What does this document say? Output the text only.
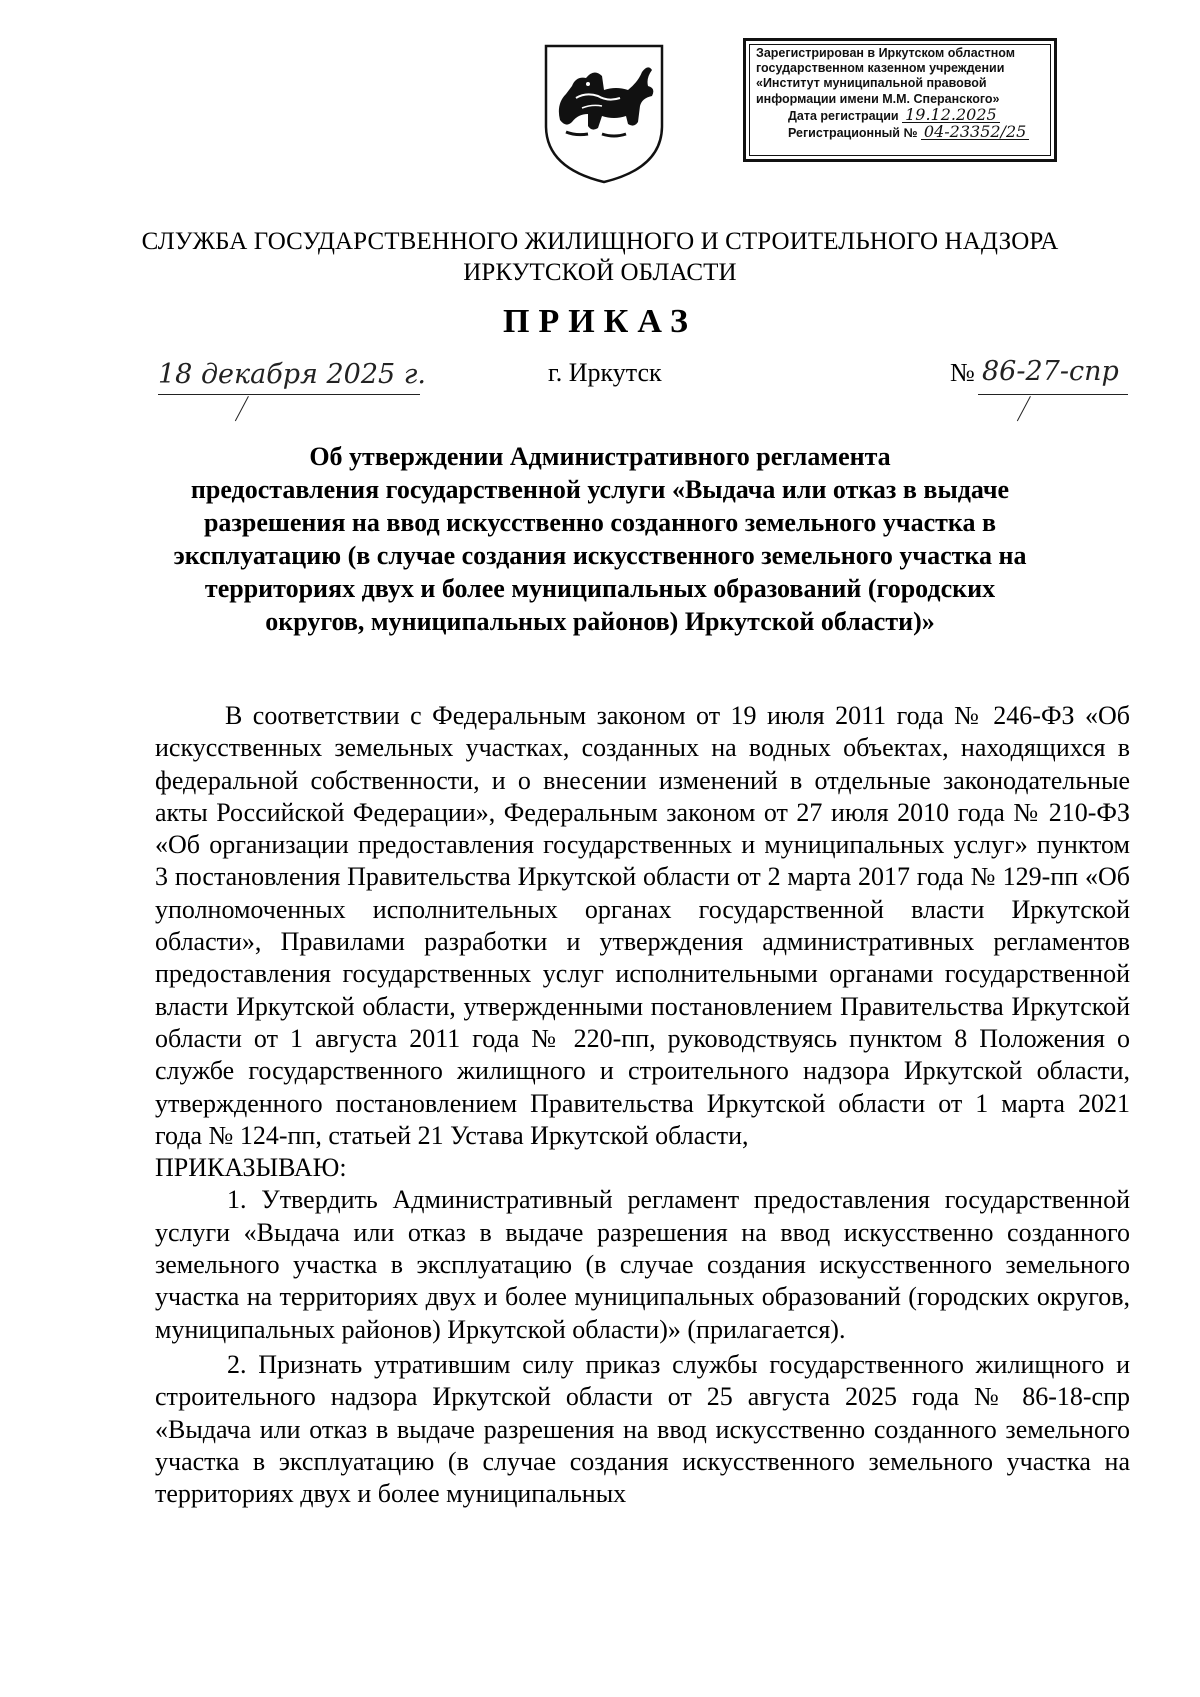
Зарегистрирован в Иркутском областном
государственном казенном учреждении
«Институт муниципальной правовой
информации имени М.М. Сперанского»
Дата регистрации 19.12.2025
Регистрационный № 04-23352/25
СЛУЖБА ГОСУДАРСТВЕННОГО ЖИЛИЩНОГО И СТРОИТЕЛЬНОГО НАДЗОРА
ИРКУТСКОЙ ОБЛАСТИ
ПРИКАЗ
18 декабря 2025 г.	г. Иркутск	№ 86-27-спр
Об утверждении Административного регламента
предоставления государственной услуги «Выдача или отказ в выдаче
разрешения на ввод искусственно созданного земельного участка в
эксплуатацию (в случае создания искусственного земельного участка на
территориях двух и более муниципальных образований (городских
округов, муниципальных районов) Иркутской области)»

В соответствии с Федеральным законом от 19 июля 2011 года № 246-ФЗ «Об искусственных земельных участках, созданных на водных объектах, находящихся в федеральной собственности, и о внесении изменений в отдельные законодательные акты Российской Федерации», Федеральным законом от 27 июля 2010 года № 210-ФЗ «Об организации предоставления государственных и муниципальных услуг» пунктом 3 постановления Правительства Иркутской области от 2 марта 2017 года № 129-пп «Об уполномоченных исполнительных органах государственной власти Иркутской области», Правилами разработки и утверждения административных регламентов предоставления государственных услуг исполнительными органами государственной власти Иркутской области, утвержденными постановлением Правительства Иркутской области от 1 августа 2011 года № 220-пп, руководствуясь пунктом 8 Положения о службе государственного жилищного и строительного надзора Иркутской области, утвержденного постановлением Правительства Иркутской области от 1 марта 2021 года № 124-пп, статьей 21 Устава Иркутской области,

ПРИКАЗЫВАЮ:

1. Утвердить Административный регламент предоставления государственной услуги «Выдача или отказ в выдаче разрешения на ввод искусственно созданного земельного участка в эксплуатацию (в случае создания искусственного земельного участка на территориях двух и более муниципальных образований (городских округов, муниципальных районов) Иркутской области)» (прилагается).

2. Признать утратившим силу приказ службы государственного жилищного и строительного надзора Иркутской области от 25 августа 2025 года № 86-18-спр «Выдача или отказ в выдаче разрешения на ввод искусственно созданного земельного участка в эксплуатацию (в случае создания искусственного земельного участка на территориях двух и более муниципальных
